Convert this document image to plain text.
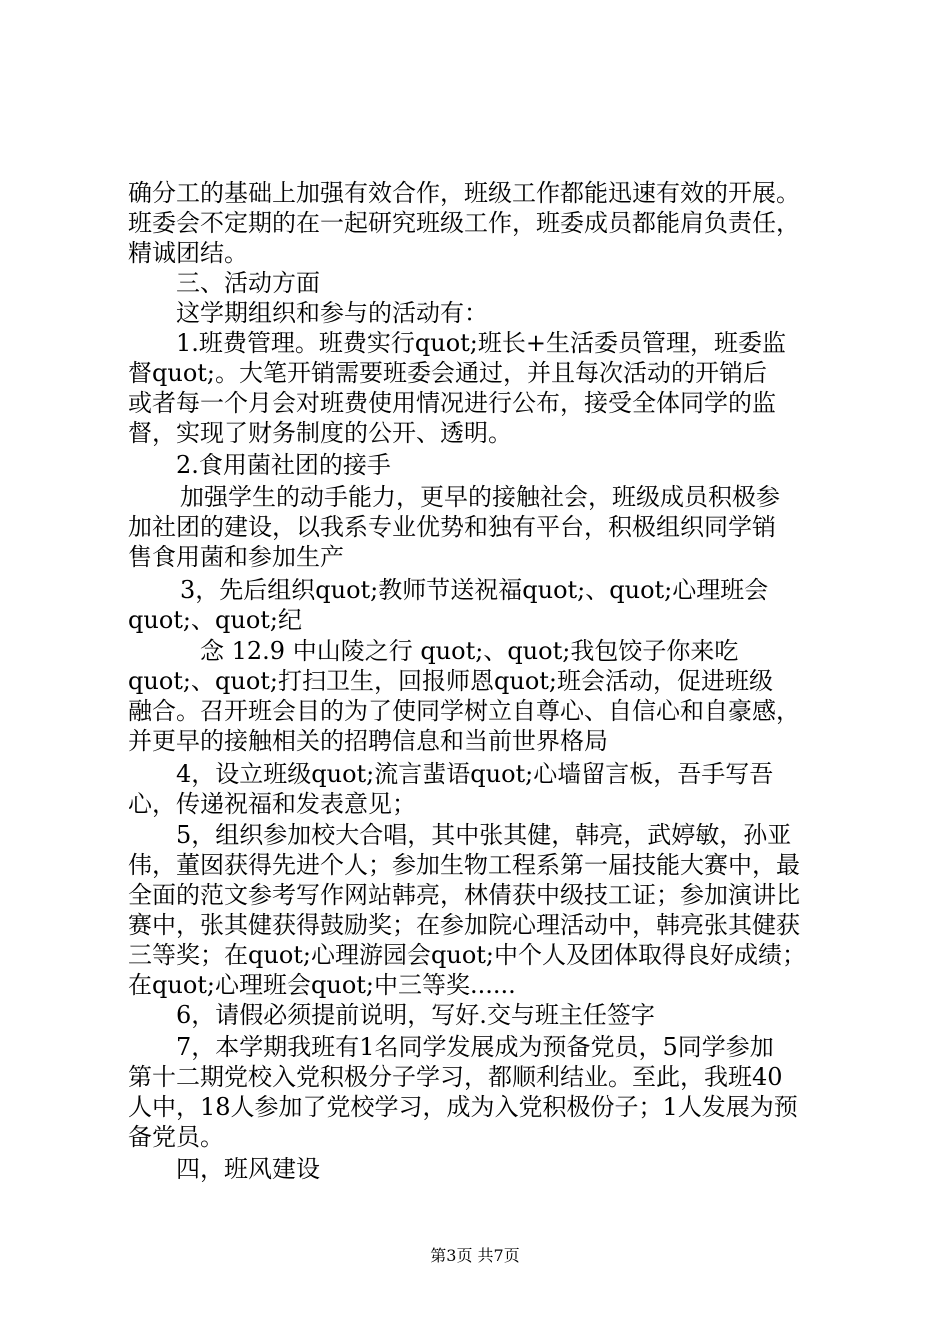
确分工的基础上加强有效合作，班级工作都能迅速有效的开展。
班委会不定期的在一起研究班级工作，班委成员都能肩负责任，
精诚团结。
三、活动方面
这学期组织和参与的活动有：
1.班费管理。班费实行quot;班长+生活委员管理，班委监
督quot;。大笔开销需要班委会通过，并且每次活动的开销后
或者每一个月会对班费使用情况进行公布，接受全体同学的监
督，实现了财务制度的公开、透明。
2.食用菌社团的接手
加强学生的动手能力，更早的接触社会，班级成员积极参
加社团的建设，以我系专业优势和独有平台，积极组织同学销
售食用菌和参加生产
3，先后组织quot;教师节送祝福quot;、quot;心理班会
quot;、quot;纪
念 12.9 中山陵之行 quot;、quot;我包饺子你来吃
quot;、quot;打扫卫生，回报师恩quot;班会活动，促进班级
融合。召开班会目的为了使同学树立自尊心、自信心和自豪感，
并更早的接触相关的招聘信息和当前世界格局
4，设立班级quot;流言蜚语quot;心墙留言板，吾手写吾
心，传递祝福和发表意见；
5，组织参加校大合唱，其中张其健，韩亮，武婷敏，孙亚
伟，董囡获得先进个人；参加生物工程系第一届技能大赛中，最
全面的范文参考写作网站韩亮，林倩获中级技工证；参加演讲比
赛中，张其健获得鼓励奖；在参加院心理活动中，韩亮张其健获
三等奖；在quot;心理游园会quot;中个人及团体取得良好成绩；
在quot;心理班会quot;中三等奖......
6，请假必须提前说明，写好.交与班主任签字
7，本学期我班有1名同学发展成为预备党员，5同学参加
第十二期党校入党积极分子学习，都顺利结业。至此，我班40
人中，18人参加了党校学习，成为入党积极份子；1人发展为预
备党员。
四，班风建设
第3页 共7页
